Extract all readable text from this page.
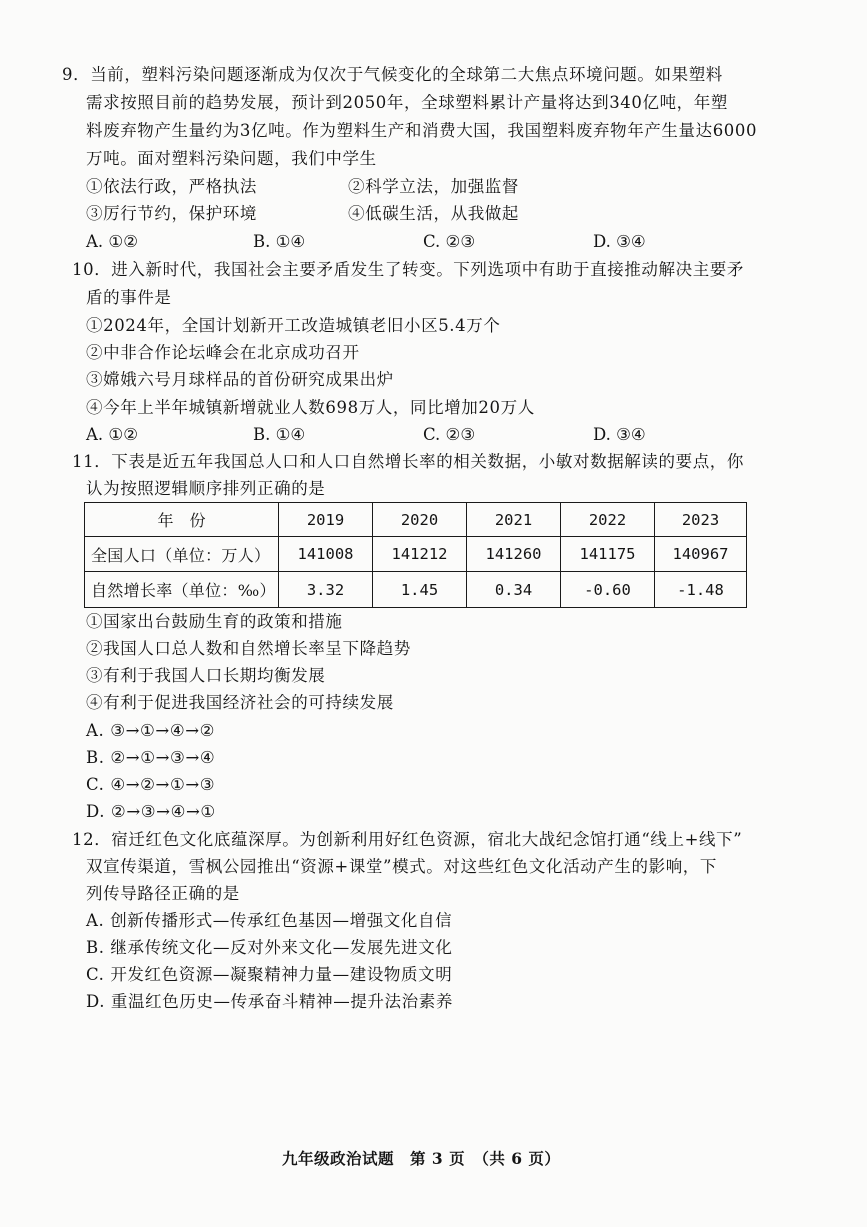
9．当前，塑料污染问题逐渐成为仅次于气候变化的全球第二大焦点环境问题。如果塑料
需求按照目前的趋势发展，预计到2050年，全球塑料累计产量将达到340亿吨，年塑
料废弃物产生量约为3亿吨。作为塑料生产和消费大国，我国塑料废弃物年产生量达6000
万吨。面对塑料污染问题，我们中学生
①依法行政，严格执法	②科学立法，加强监督
③厉行节约，保护环境	④低碳生活，从我做起
A. ①②	B. ①④	C. ②③	D. ③④
10．进入新时代，我国社会主要矛盾发生了转变。下列选项中有助于直接推动解决主要矛
盾的事件是
①2024年，全国计划新开工改造城镇老旧小区5.4万个
②中非合作论坛峰会在北京成功召开
③嫦娥六号月球样品的首份研究成果出炉
④今年上半年城镇新增就业人数698万人，同比增加20万人
A. ①②	B. ①④	C. ②③	D. ③④
11．下表是近五年我国总人口和人口自然增长率的相关数据，小敏对数据解读的要点，你
认为按照逻辑顺序排列正确的是
年　份	2019	2020	2021	2022	2023
全国人口（单位：万人）	141008	141212	141260	141175	140967
自然增长率（单位：‰）	3.32	1.45	0.34	-0.60	-1.48
①国家出台鼓励生育的政策和措施
②我国人口总人数和自然增长率呈下降趋势
③有利于我国人口长期均衡发展
④有利于促进我国经济社会的可持续发展
A. ③→①→④→②
B. ②→①→③→④
C. ④→②→①→③
D. ②→③→④→①
12．宿迁红色文化底蕴深厚。为创新利用好红色资源，宿北大战纪念馆打通“线上+线下”
双宣传渠道，雪枫公园推出“资源+课堂”模式。对这些红色文化活动产生的影响，下
列传导路径正确的是
A. 创新传播形式—传承红色基因—增强文化自信
B. 继承传统文化—反对外来文化—发展先进文化
C. 开发红色资源—凝聚精神力量—建设物质文明
D. 重温红色历史—传承奋斗精神—提升法治素养
九年级政治试题　第 3 页　（共 6 页）
